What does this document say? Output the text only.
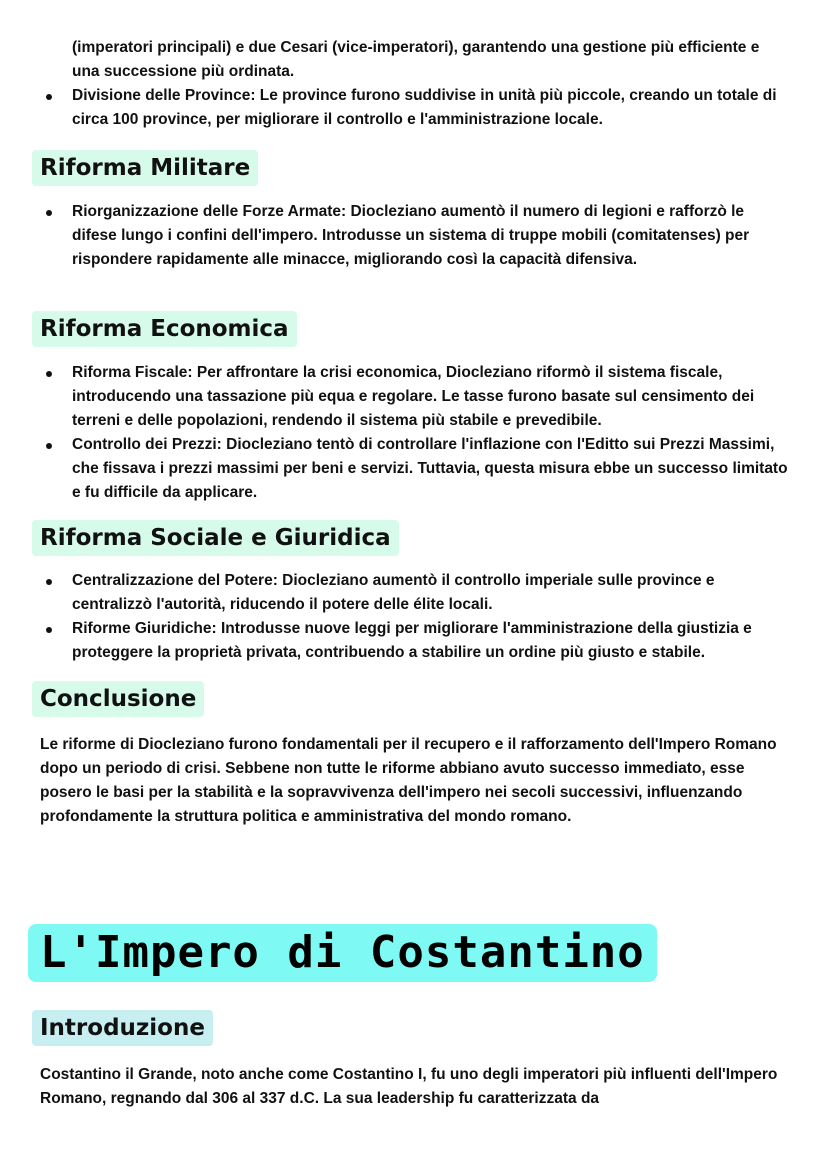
(imperatori principali) e due Cesari (vice-imperatori), garantendo una gestione più efficiente e una successione più ordinata.

Divisione delle Province: Le province furono suddivise in unità più piccole, creando un totale di circa 100 province, per migliorare il controllo e l'amministrazione locale.
Riforma Militare
Riorganizzazione delle Forze Armate: Diocleziano aumentò il numero di legioni e rafforzò le difese lungo i confini dell'impero. Introdusse un sistema di truppe mobili (comitatenses) per rispondere rapidamente alle minacce, migliorando così la capacità difensiva.
Riforma Economica
Riforma Fiscale: Per affrontare la crisi economica, Diocleziano riformò il sistema fiscale, introducendo una tassazione più equa e regolare. Le tasse furono basate sul censimento dei terreni e delle popolazioni, rendendo il sistema più stabile e prevedibile.
Controllo dei Prezzi: Diocleziano tentò di controllare l'inflazione con l'Editto sui Prezzi Massimi, che fissava i prezzi massimi per beni e servizi. Tuttavia, questa misura ebbe un successo limitato e fu difficile da applicare.
Riforma Sociale e Giuridica
Centralizzazione del Potere: Diocleziano aumentò il controllo imperiale sulle province e centralizzò l'autorità, riducendo il potere delle élite locali.
Riforme Giuridiche: Introdusse nuove leggi per migliorare l'amministrazione della giustizia e proteggere la proprietà privata, contribuendo a stabilire un ordine più giusto e stabile.
Conclusione

Le riforme di Diocleziano furono fondamentali per il recupero e il rafforzamento dell'Impero Romano dopo un periodo di crisi. Sebbene non tutte le riforme abbiano avuto successo immediato, esse posero le basi per la stabilità e la sopravvivenza dell'impero nei secoli successivi, influenzando profondamente la struttura politica e amministrativa del mondo romano.

L'Impero di Costantino
Introduzione

Costantino il Grande, noto anche come Costantino I, fu uno degli imperatori più influenti dell'Impero Romano, regnando dal 306 al 337 d.C. La sua leadership fu caratterizzata da
